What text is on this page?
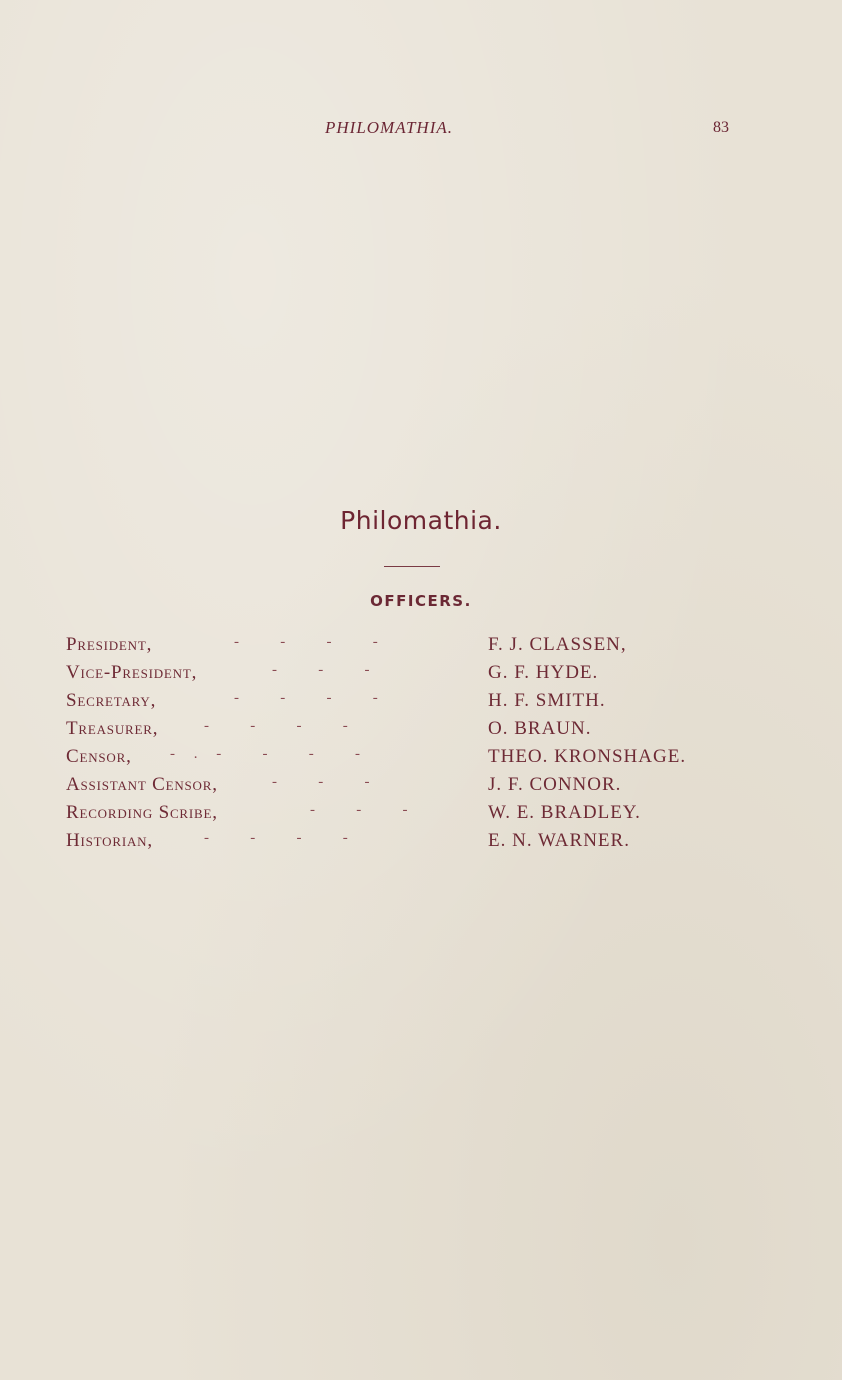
PHILOMATHIA.	83
Philomathia.
OFFICERS.
President,	-           -           -           -	F. J. CLASSEN,
Vice-President,	-           -           -	G. F. HYDE.
Secretary,	-           -           -           -	H. F. SMITH.
Treasurer,	-           -           -           -	O. BRAUN.
Censor,	-     .     -           -           -           -	THEO. KRONSHAGE.
Assistant Censor,	-           -           -	J. F. CONNOR.
Recording Scribe,	-           -           -	W. E. BRADLEY.
Historian,	-           -           -           -	E. N. WARNER.
